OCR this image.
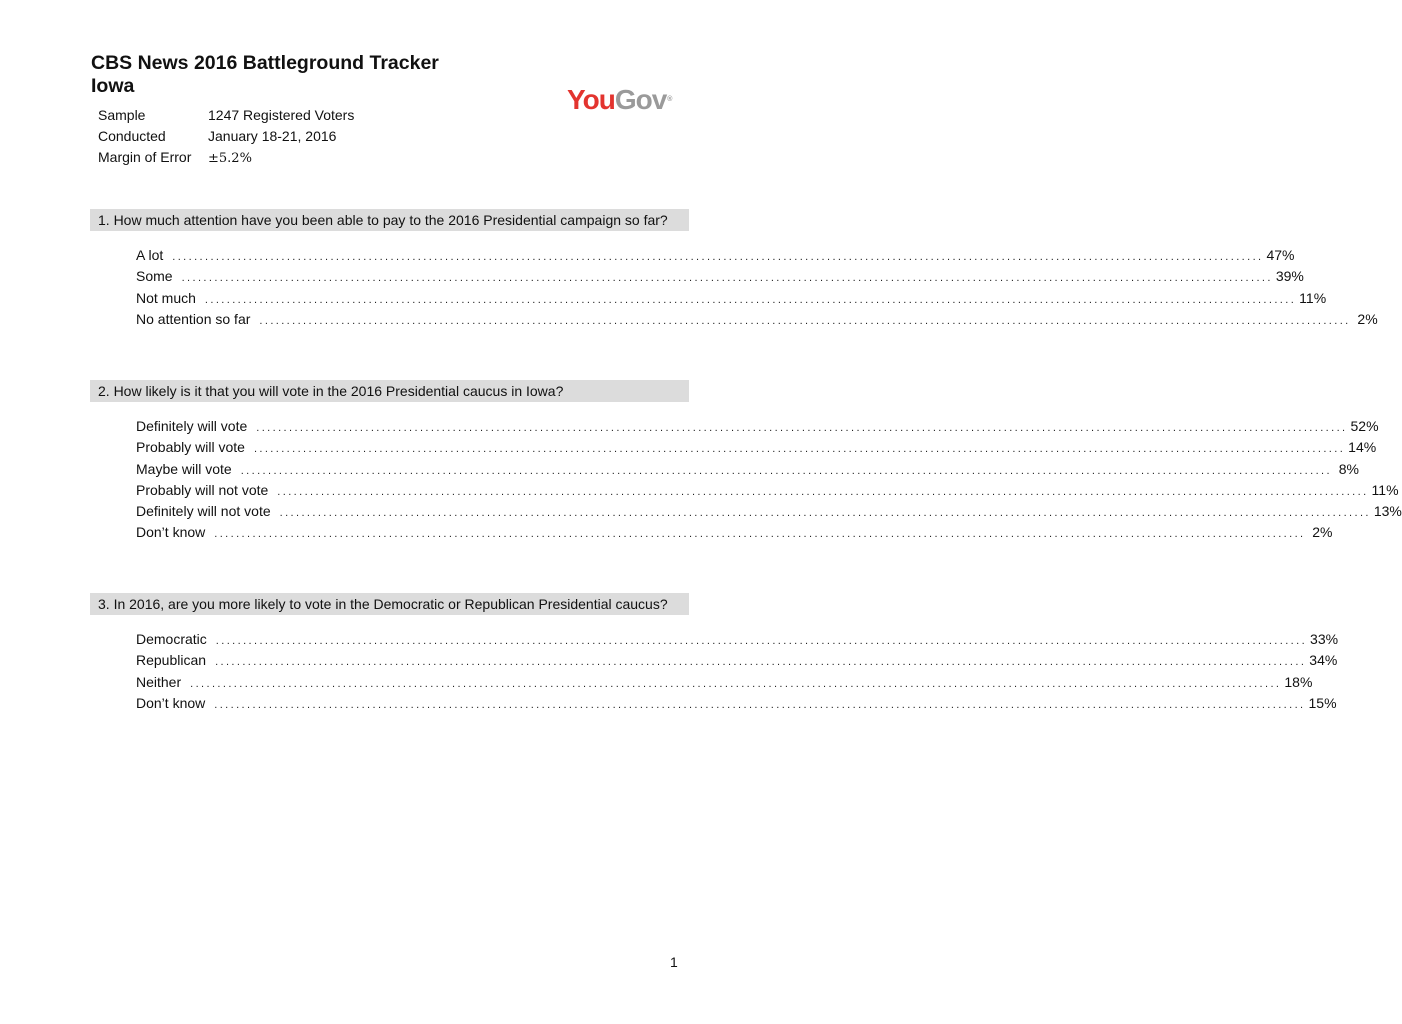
CBS News 2016 Battleground Tracker
Iowa	YouGov®
Sample	1247 Registered Voters
Conducted	January 18-21, 2016
Margin of Error	±5.2%
1. How much attention have you been able to pay to the 2016 Presidential campaign so far?
A lot ........................................................................................................................................................................................................ 47%
Some ........................................................................................................................................................................................................ 39%
Not much ........................................................................................................................................................................................................ 11%
No attention so far ........................................................................................................................................................................................................ 2%
2. How likely is it that you will vote in the 2016 Presidential caucus in Iowa?
Definitely will vote ........................................................................................................................................................................................................ 52%
Probably will vote ........................................................................................................................................................................................................ 14%
Maybe will vote ........................................................................................................................................................................................................ 8%
Probably will not vote ........................................................................................................................................................................................................ 11%
Definitely will not vote ........................................................................................................................................................................................................ 13%
Don’t know ........................................................................................................................................................................................................ 2%
3. In 2016, are you more likely to vote in the Democratic or Republican Presidential caucus?
Democratic ........................................................................................................................................................................................................ 33%
Republican ........................................................................................................................................................................................................ 34%
Neither ........................................................................................................................................................................................................ 18%
Don’t know ........................................................................................................................................................................................................ 15%
1
